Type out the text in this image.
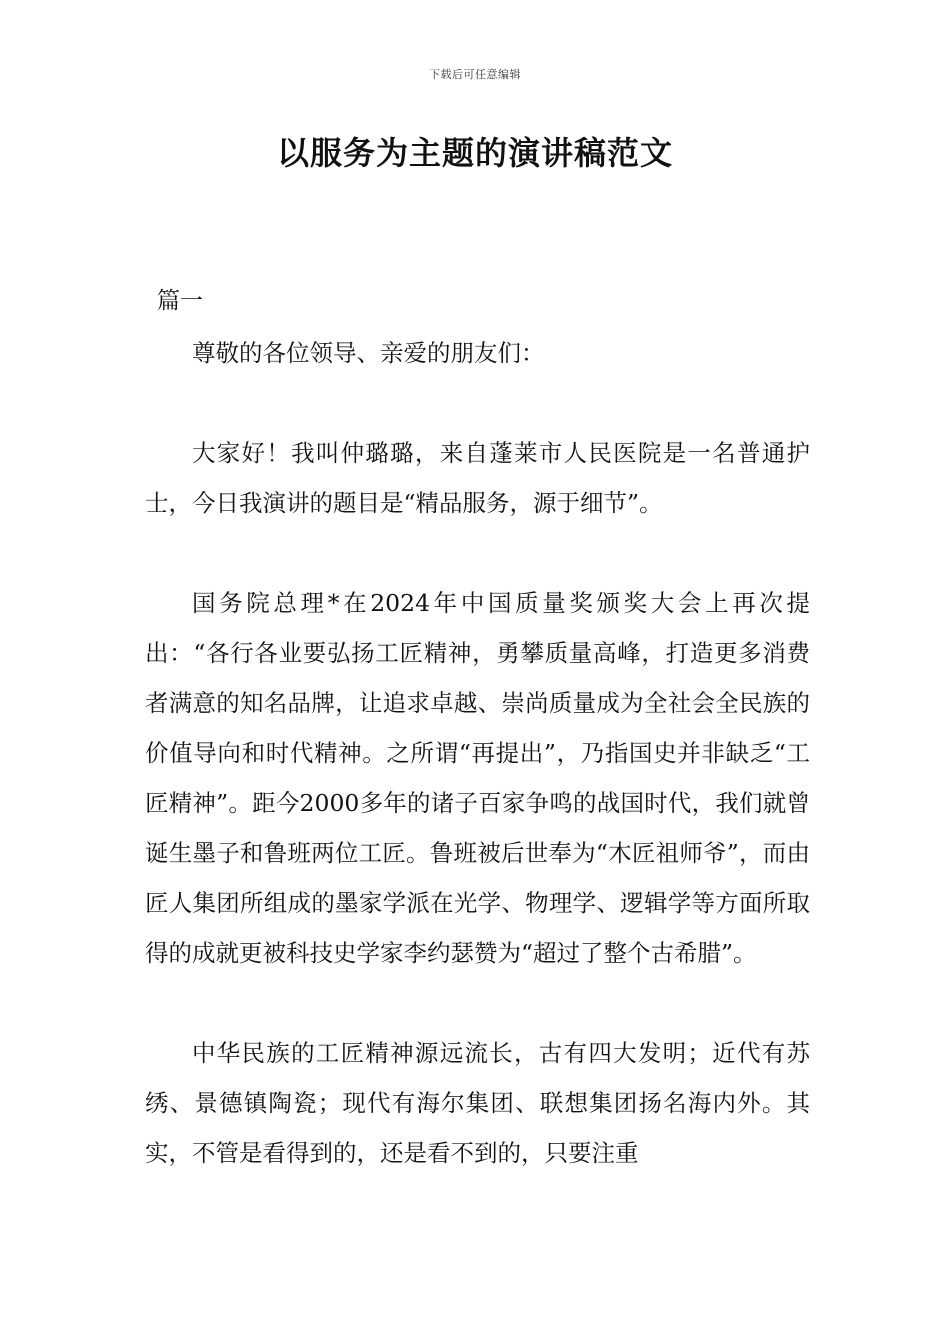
下载后可任意编辑
以服务为主题的演讲稿范文
篇一

尊敬的各位领导、亲爱的朋友们：

大家好！我叫仲璐璐，来自蓬莱市人民医院是一名普通护士，今日我演讲的题目是“精品服务，源于细节”。

国务院总理*在2024年中国质量奖颁奖大会上再次提出：“各行各业要弘扬工匠精神，勇攀质量高峰，打造更多消费者满意的知名品牌，让追求卓越、崇尚质量成为全社会全民族的价值导向和时代精神。之所谓“再提出”，乃指国史并非缺乏“工匠精神”。距今2000多年的诸子百家争鸣的战国时代，我们就曾诞生墨子和鲁班两位工匠。鲁班被后世奉为“木匠祖师爷”，而由匠人集团所组成的墨家学派在光学、物理学、逻辑学等方面所取得的成就更被科技史学家李约瑟赞为“超过了整个古希腊”。

中华民族的工匠精神源远流长，古有四大发明；近代有苏绣、景德镇陶瓷；现代有海尔集团、联想集团扬名海内外。其实，不管是看得到的，还是看不到的，只要注重
